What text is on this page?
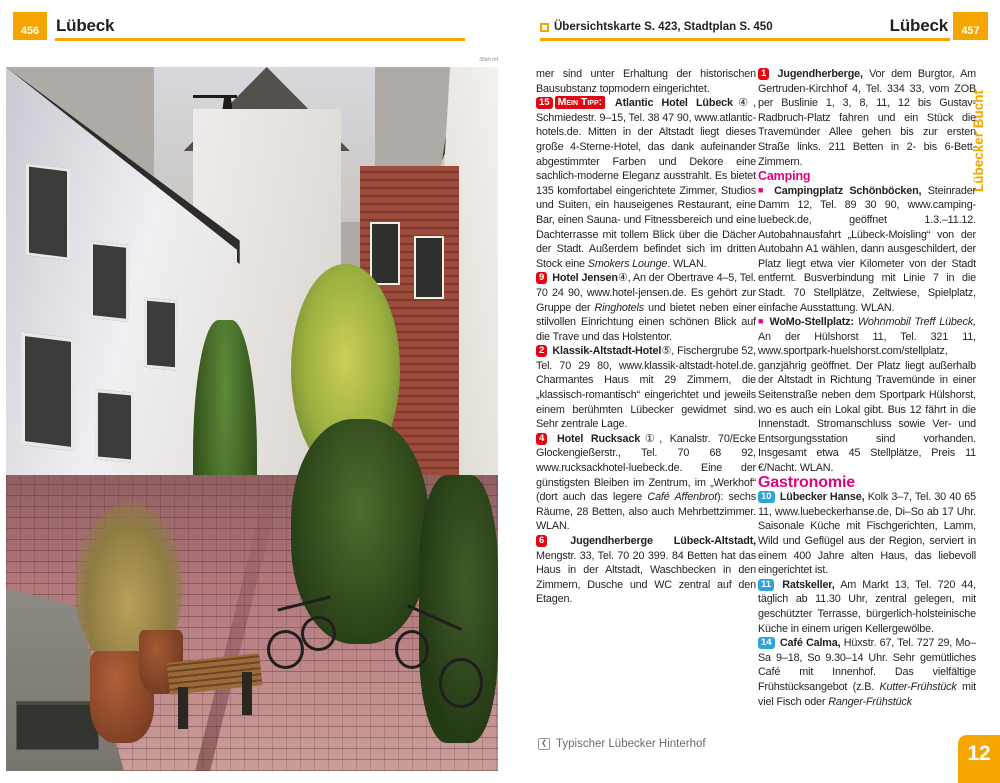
456 Lübeck	Übersichtskarte S. 423, Stadtplan S. 450	Lübeck	457
Lübecker Bucht
12
30lch mf

mer sind unter Erhaltung der historischen Bausubstanz topmodern eingerichtet.

15 Mein Tipp: Atlantic Hotel Lübeck④, Schmiedestr. 9–15, Tel. 38 47 90, www.atlantic-hotels.de. Mitten in der Altstadt liegt dieses große 4-Sterne-Hotel, das dank aufeinander abgestimmter Farben und Dekore eine sachlich-moderne Eleganz ausstrahlt. Es bietet 135 komfortabel eingerichtete Zimmer, Studios und Suiten, ein hauseigenes Restaurant, eine Bar, einen Sauna- und Fitnessbereich und eine Dachterrasse mit tollem Blick über die Dächer der Stadt. Außerdem befindet sich im dritten Stock eine Smokers Lounge. WLAN.

9 Hotel Jensen④, An der Obertrave 4–5, Tel. 70 24 90, www.hotel-jensen.de. Es gehört zur Gruppe der Ringhotels und bietet neben einer stilvollen Einrichtung einen schönen Blick auf die Trave und das Holstentor.

2 Klassik-Altstadt-Hotel⑤, Fischergrube 52, Tel. 70 29 80, www.klassik-altstadt-hotel.de. Charmantes Haus mit 29 Zimmern, die „klassisch-romantisch“ eingerichtet und jeweils einem berühmten Lübecker gewidmet sind. Sehr zentrale Lage.

4 Hotel Rucksack①, Kanalstr. 70/Ecke Glockengießerstr., Tel. 70 68 92, www.rucksackhotel-luebeck.de. Eine der günstigsten Bleiben im Zentrum, im „Werkhof“ (dort auch das legere Café Affenbrot): sechs Räume, 28 Betten, also auch Mehrbettzimmer. WLAN.

6 Jugendherberge Lübeck-Altstadt, Mengstr. 33, Tel. 70 20 399. 84 Betten hat das Haus in der Altstadt, Waschbecken in den Zimmern, Dusche und WC zentral auf den Etagen.

❮ Typischer Lübecker Hinterhof

1 Jugendherberge, Vor dem Burgtor, Am Gertruden-Kirchhof 4, Tel. 334 33, vom ZOB per Buslinie 1, 3, 8, 11, 12 bis Gustav-Radbruch-Platz fahren und ein Stück die Travemünder Allee gehen bis zur ersten Straße links. 211 Betten in 2- bis 6-Bett-Zimmern.

Camping

■ Campingplatz Schönböcken, Steinrader Damm 12, Tel. 89 30 90, www.camping-luebeck.de, geöffnet 1.3.–11.12. Autobahnausfahrt „Lübeck-Moisling“ von der Autobahn A1 wählen, dann ausgeschildert, der Platz liegt etwa vier Kilometer von der Stadt entfernt. Busverbindung mit Linie 7 in die Stadt. 70 Stellplätze, Zeltwiese, Spielplatz, einfache Ausstattung. WLAN.

■ WoMo-Stellplatz: Wohnmobil Treff Lübeck, An der Hülshorst 11, Tel. 321 11, www.sportpark-huelshorst.com/stellplatz, ganzjährig geöffnet. Der Platz liegt außerhalb der Altstadt in Richtung Travemünde in einer Seitenstraße neben dem Sportpark Hülshorst, wo es auch ein Lokal gibt. Bus 12 fährt in die Innenstadt. Stromanschluss sowie Ver- und Entsorgungsstation sind vorhanden. Insgesamt etwa 45 Stellplätze, Preis 11 €/Nacht. WLAN.

Gastronomie

10 Lübecker Hanse, Kolk 3–7, Tel. 30 40 65 11, www.luebeckerhanse.de, Di–So ab 17 Uhr. Saisonale Küche mit Fischgerichten, Lamm, Wild und Geflügel aus der Region, serviert in einem 400 Jahre alten Haus, das liebevoll eingerichtet ist.

11 Ratskeller, Am Markt 13, Tel. 720 44, täglich ab 11.30 Uhr, zentral gelegen, mit geschützter Terrasse, bürgerlich-holsteinische Küche in einem urigen Kellergewölbe.

14 Café Calma, Hüxstr. 67, Tel. 727 29, Mo–Sa 9–18, So 9.30–14 Uhr. Sehr gemütliches Café mit Innenhof. Das vielfältige Frühstücksangebot (z.B. Kutter-Frühstück mit viel Fisch oder Ranger-Frühstück
